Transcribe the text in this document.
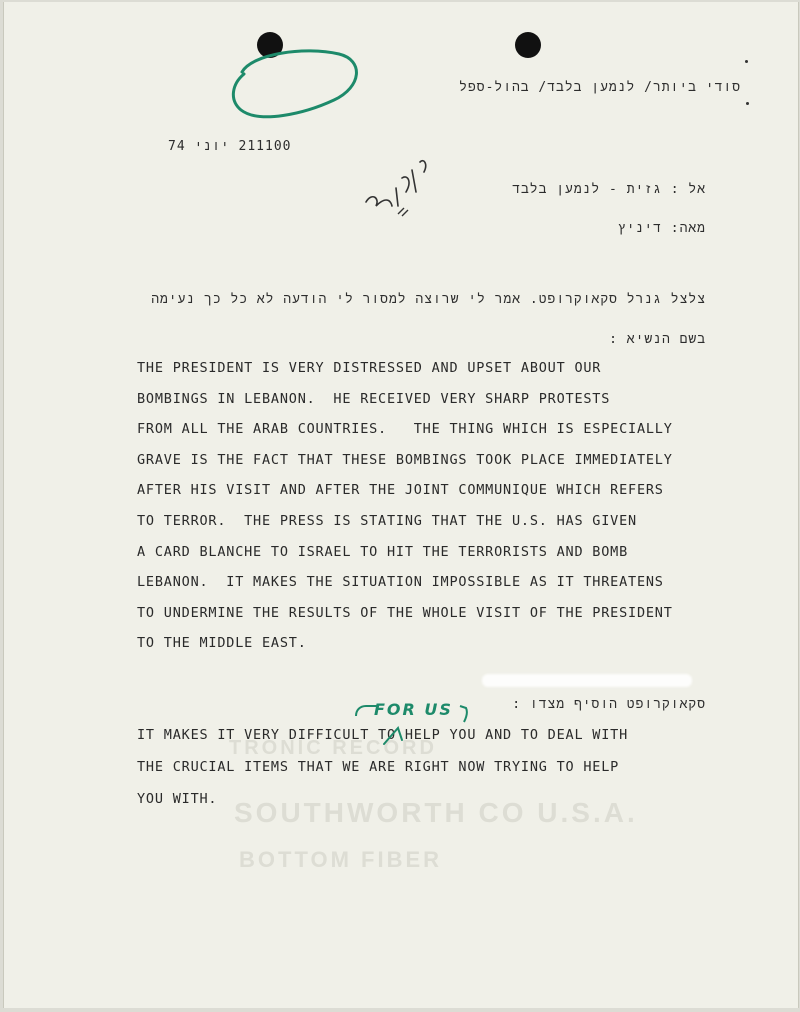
TRONIC RECORD
SOUTHWORTH CO U.S.A.
BOTTOM FIBER
סודי ביותר/ לנמען בלבד/ בהול-ספל
211100 יוני 74
אל : גזית - לנמען בלבד
מאה: דיניץ
צלצל גנרל סקאוקרופט. אמר לי שרוצה למסור לי הודעה לא כל כך נעימה
בשם הנשיא :
THE PRESIDENT IS VERY DISTRESSED AND UPSET ABOUT OUR
BOMBINGS IN LEBANON.  HE RECEIVED VERY SHARP PROTESTS
FROM ALL THE ARAB COUNTRIES.   THE THING WHICH IS ESPECIALLY
GRAVE IS THE FACT THAT THESE BOMBINGS TOOK PLACE IMMEDIATELY
AFTER HIS VISIT AND AFTER THE JOINT COMMUNIQUE WHICH REFERS
TO TERROR.  THE PRESS IS STATING THAT THE U.S. HAS GIVEN
A CARD BLANCHE TO ISRAEL TO HIT THE TERRORISTS AND BOMB
LEBANON.  IT MAKES THE SITUATION IMPOSSIBLE AS IT THREATENS
TO UNDERMINE THE RESULTS OF THE WHOLE VISIT OF THE PRESIDENT
TO THE MIDDLE EAST.
סקאוקרופט הוסיף מצדו :
IT MAKES IT VERY DIFFICULT TO HELP YOU AND TO DEAL WITH
THE CRUCIAL ITEMS THAT WE ARE RIGHT NOW TRYING TO HELP
YOU WITH.
FOR US
